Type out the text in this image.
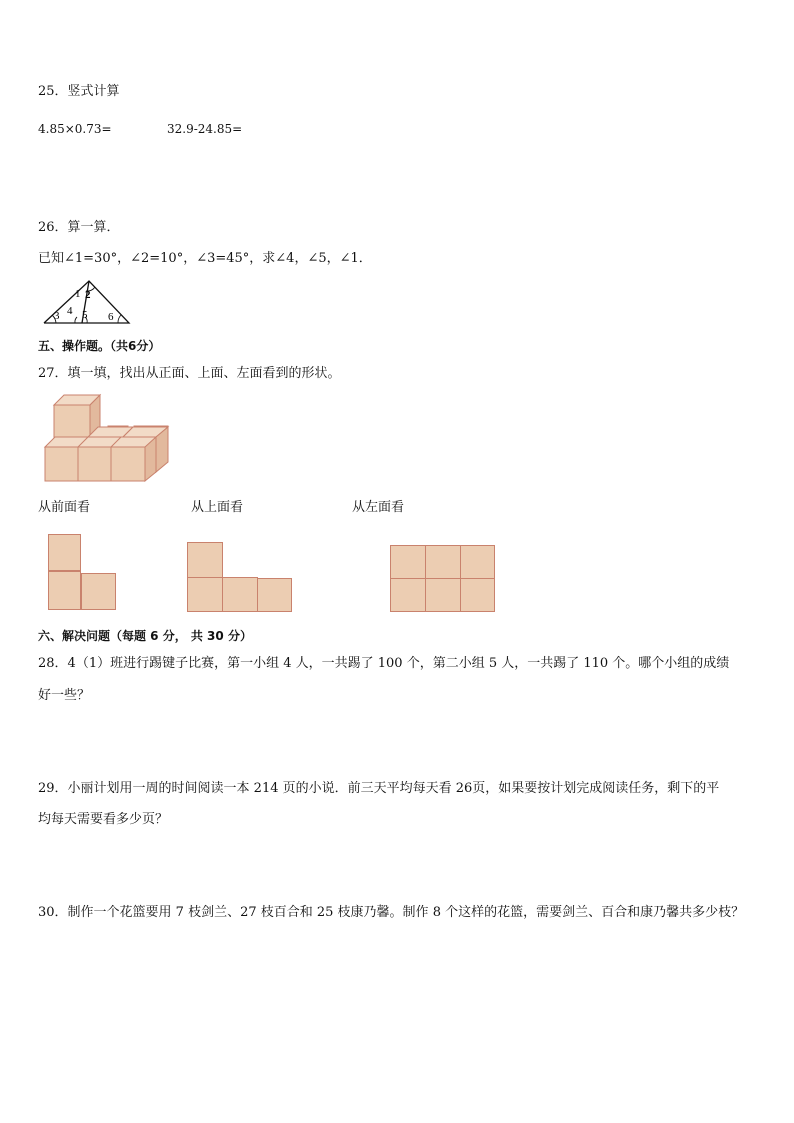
25．竖式计算
4.85×0.73=	32.9-24.85=
26．算一算．
已知∠1=30°，∠2=10°，∠3=45°，求∠4，∠5，∠1．
1 2
3 4 5 6
五、操作题。（共6分）
27．填一填，找出从正面、上面、左面看到的形状。
从前面看	从上面看	从左面看
六、解决问题（每题 6 分， 共 30 分）
28．4（1）班进行踢键子比赛，第一小组 4 人，一共踢了 100 个，第二小组 5 人，一共踢了 110 个。哪个小组的成绩
好一些？
29．小丽计划用一周的时间阅读一本 214 页的小说．前三天平均每天看 26页，如果要按计划完成阅读任务，剩下的平
均每天需要看多少页？
30．制作一个花篮要用 7 枝剑兰、27 枝百合和 25 枝康乃馨。制作 8 个这样的花篮，需要剑兰、百合和康乃馨共多少枝？
